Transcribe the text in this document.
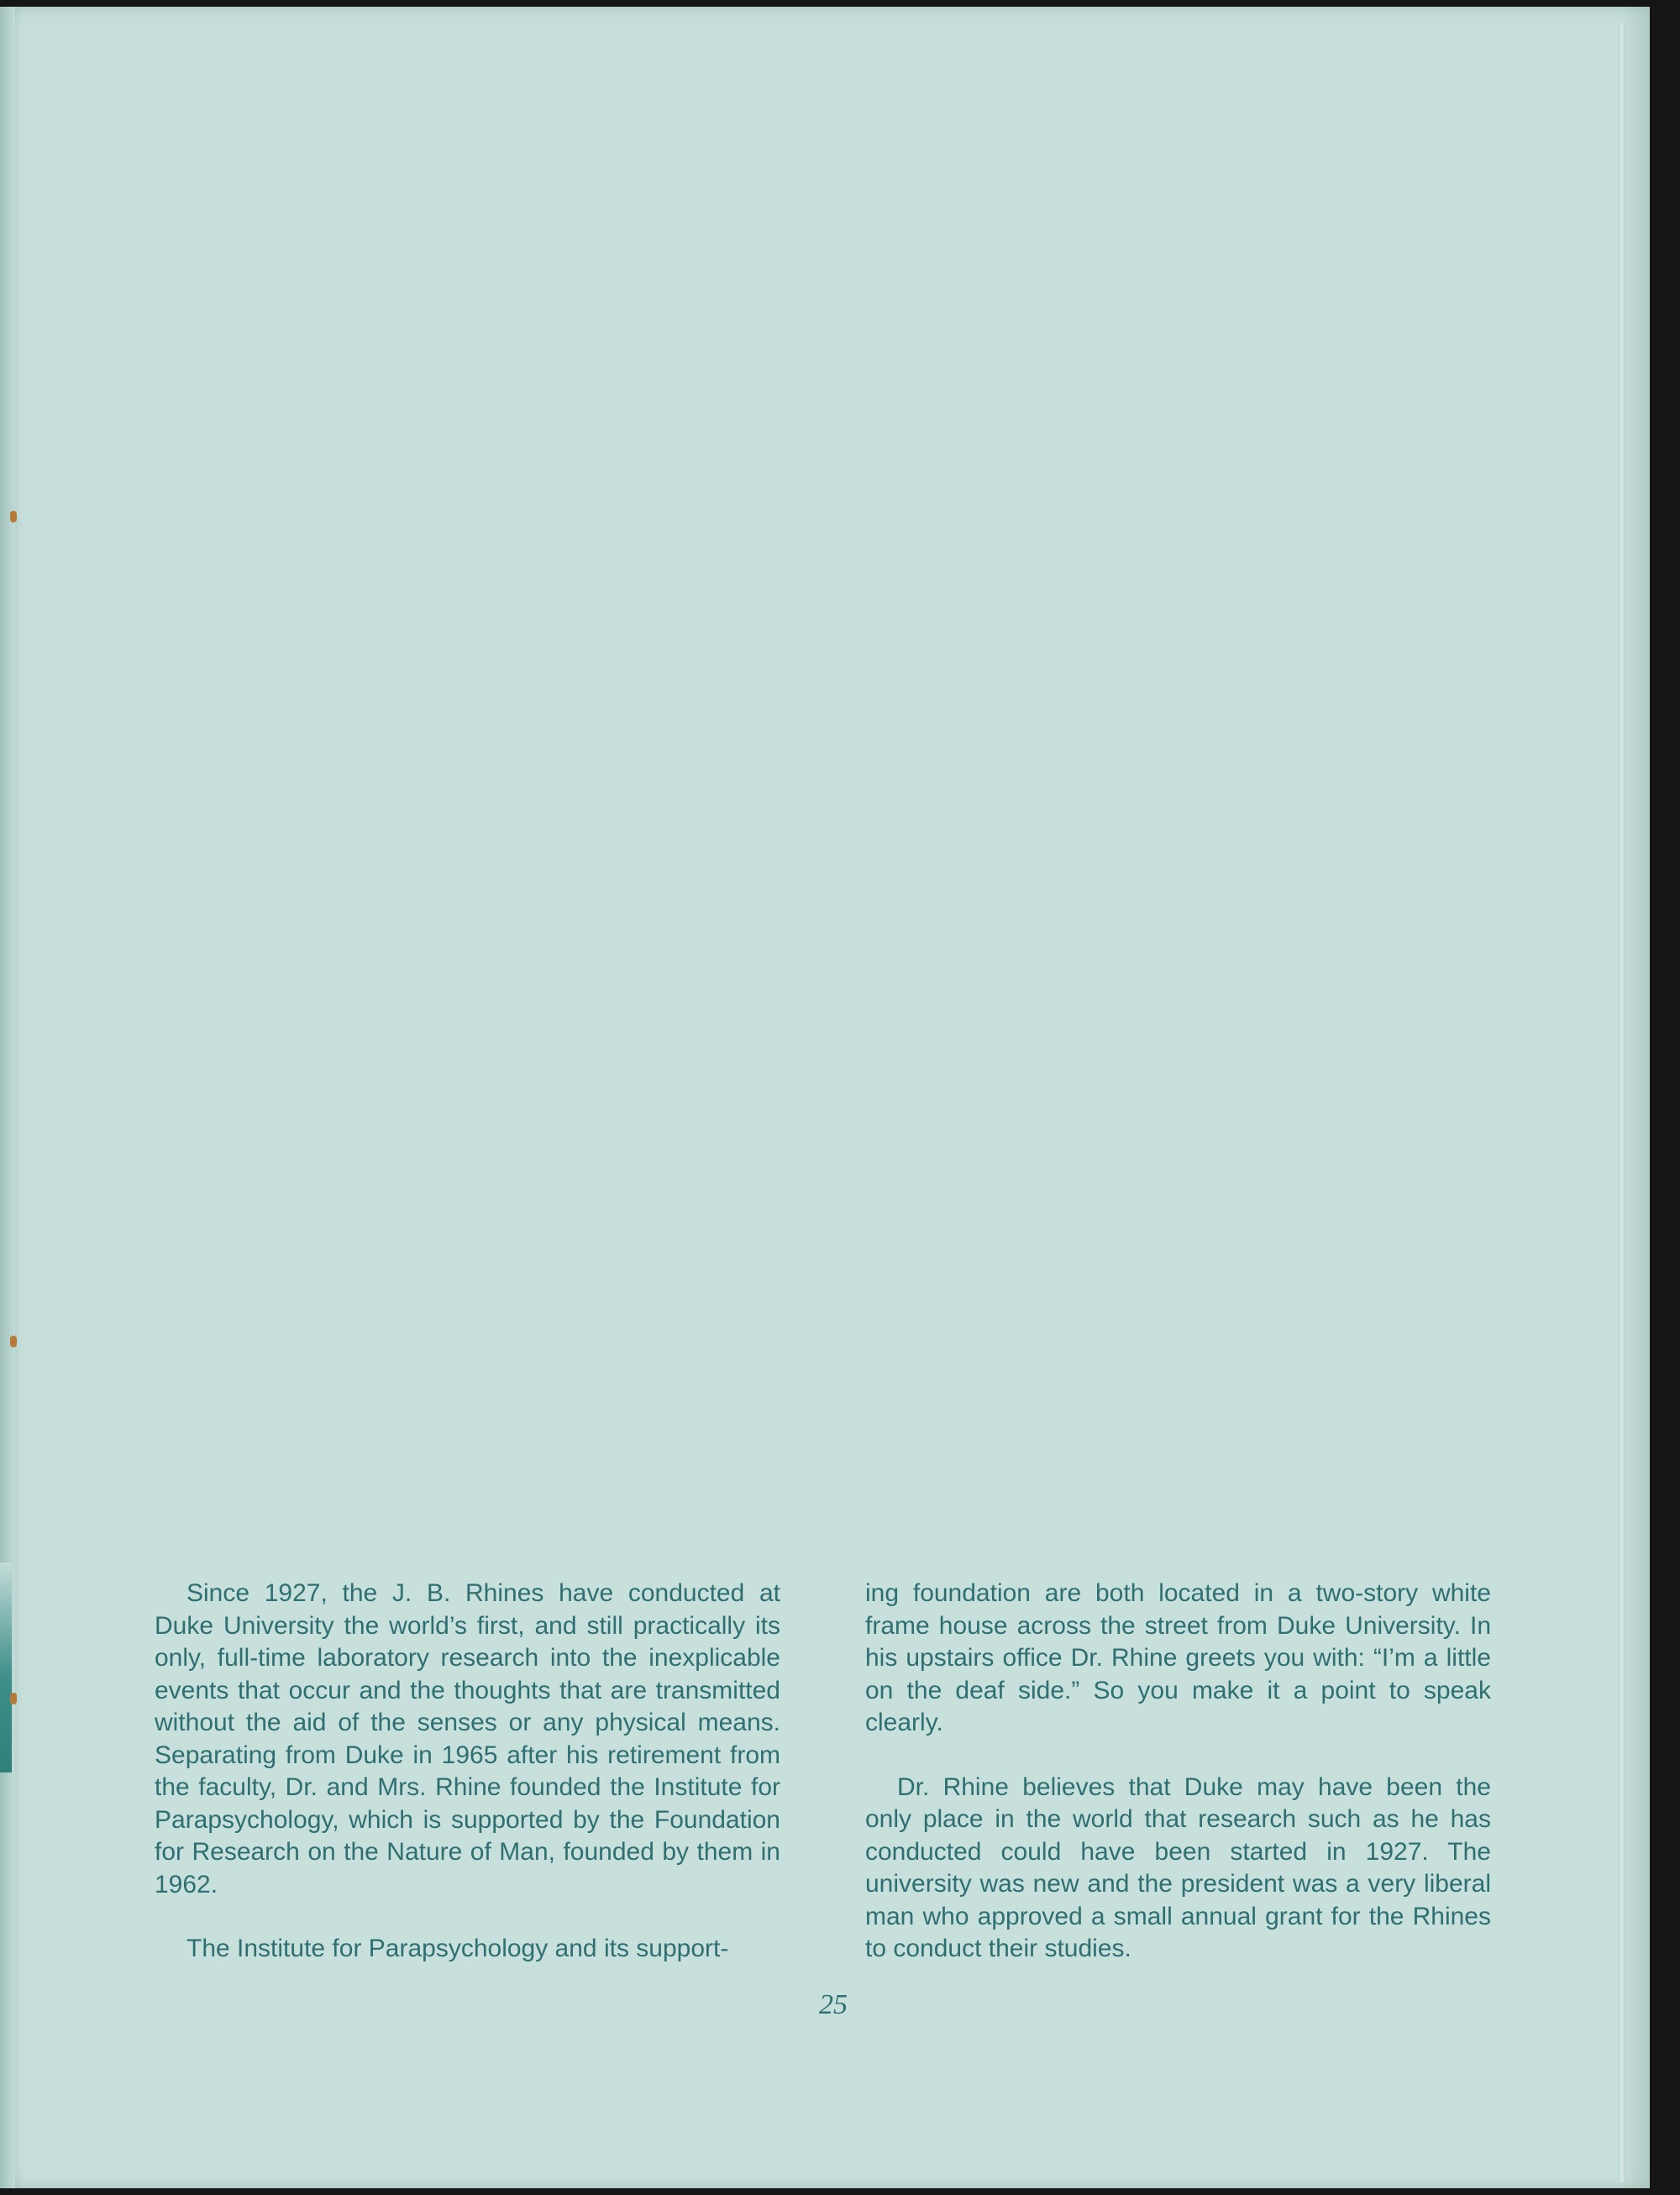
Since 1927, the J. B. Rhines have conducted at Duke University the world’s first, and still practically its only, full-time laboratory research into the inexplicable events that occur and the thoughts that are transmitted without the aid of the senses or any physical means. Separating from Duke in 1965 after his retirement from the faculty, Dr. and Mrs. Rhine founded the Institute for Parapsychology, which is supported by the Foundation for Research on the Nature of Man, founded by them in 1962.

The Institute for Parapsychology and its support-

ing foundation are both located in a two-story white frame house across the street from Duke University. In his upstairs office Dr. Rhine greets you with: “I’m a little on the deaf side.” So you make it a point to speak clearly.

Dr. Rhine believes that Duke may have been the only place in the world that research such as he has conducted could have been started in 1927. The university was new and the president was a very liberal man who approved a small annual grant for the Rhines to conduct their studies.

25
